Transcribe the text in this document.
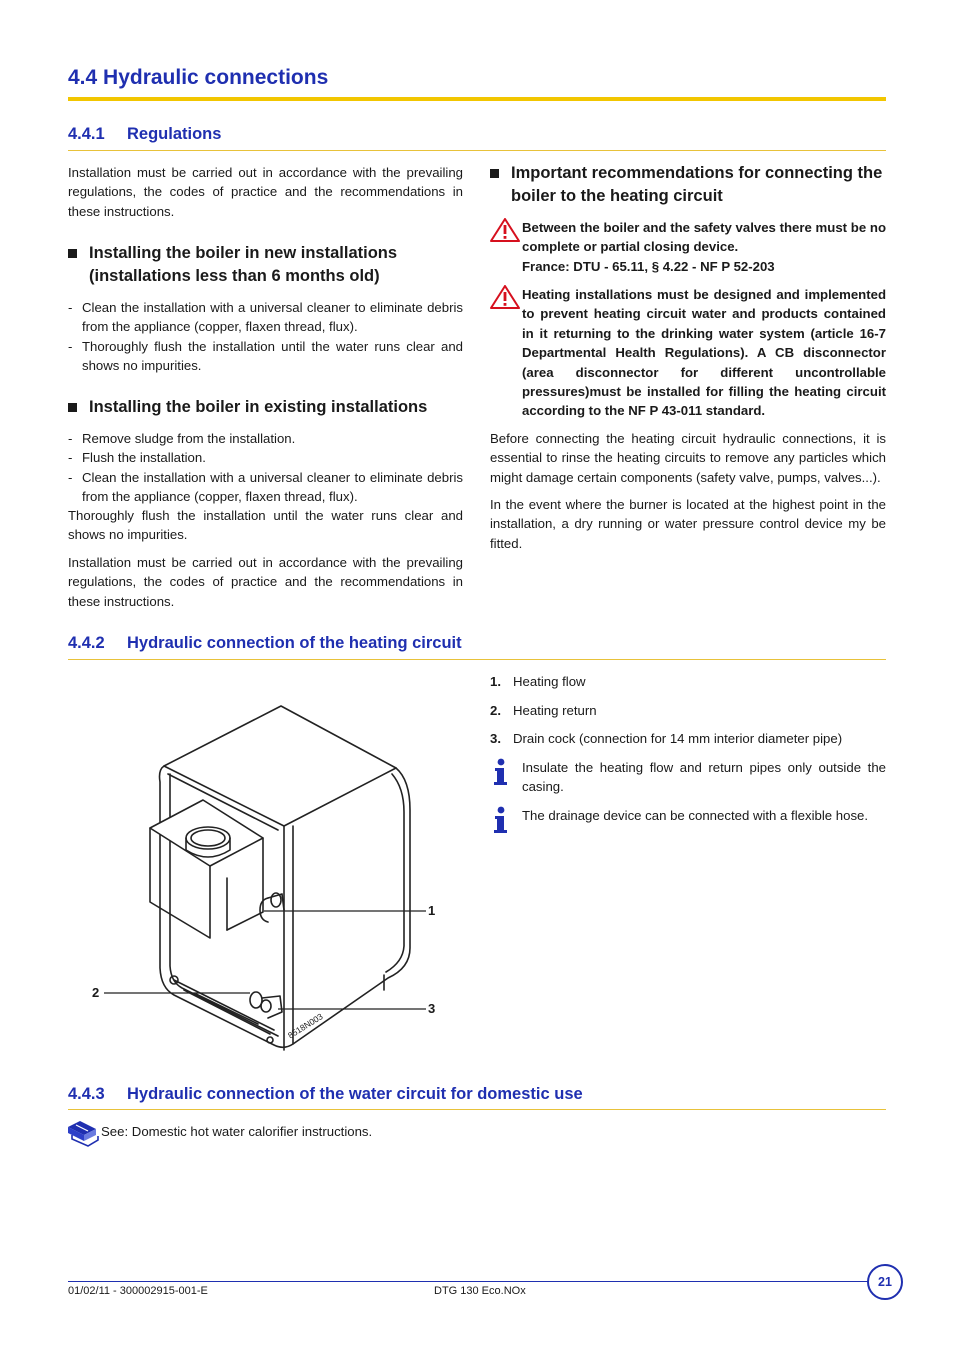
4.4 Hydraulic connections
4.4.1 Regulations
Installation must be carried out in accordance with the prevailing regulations, the codes of practice and the recommendations in these instructions.
Installing the boiler in new installations (installations less than 6 months old)
- Clean the installation with a universal cleaner to eliminate debris from the appliance (copper, flaxen thread, flux).
- Thoroughly flush the installation until the water runs clear and shows no impurities.
Installing the boiler in existing installations
- Remove sludge from the installation.
- Flush the installation.
- Clean the installation with a universal cleaner to eliminate debris from the appliance (copper, flaxen thread, flux).
Thoroughly flush the installation until the water runs clear and shows no impurities.
Installation must be carried out in accordance with the prevailing regulations, the codes of practice and the recommendations in these instructions.
Important recommendations for connecting the boiler to the heating circuit
Between the boiler and the safety valves there must be no complete or partial closing device.
France: DTU - 65.11, § 4.22 - NF P 52-203
Heating installations must be designed and implemented to prevent heating circuit water and products contained in it returning to the drinking water system (article 16-7 Departmental Health Regulations). A CB disconnector (area disconnector for different uncontrollable pressures)must be installed for filling the heating circuit according to the NF P 43-011 standard.
Before connecting the heating circuit hydraulic connections, it is essential to rinse the heating circuits to remove any particles which might damage certain components (safety valve, pumps, valves...).
In the event where the burner is located at the highest point in the installation, a dry running or water pressure control device my be fitted.
4.4.2 Hydraulic connection of the heating circuit
1
2
3
8518N003
1. Heating flow
2. Heating return
3. Drain cock (connection for 14 mm interior diameter pipe)
Insulate the heating flow and return pipes only outside the casing.
The drainage device can be connected with a flexible hose.
4.4.3 Hydraulic connection of the water circuit for domestic use
See: Domestic hot water calorifier instructions.
01/02/11 - 300002915-001-E	DTG 130 Eco.NOx
21
